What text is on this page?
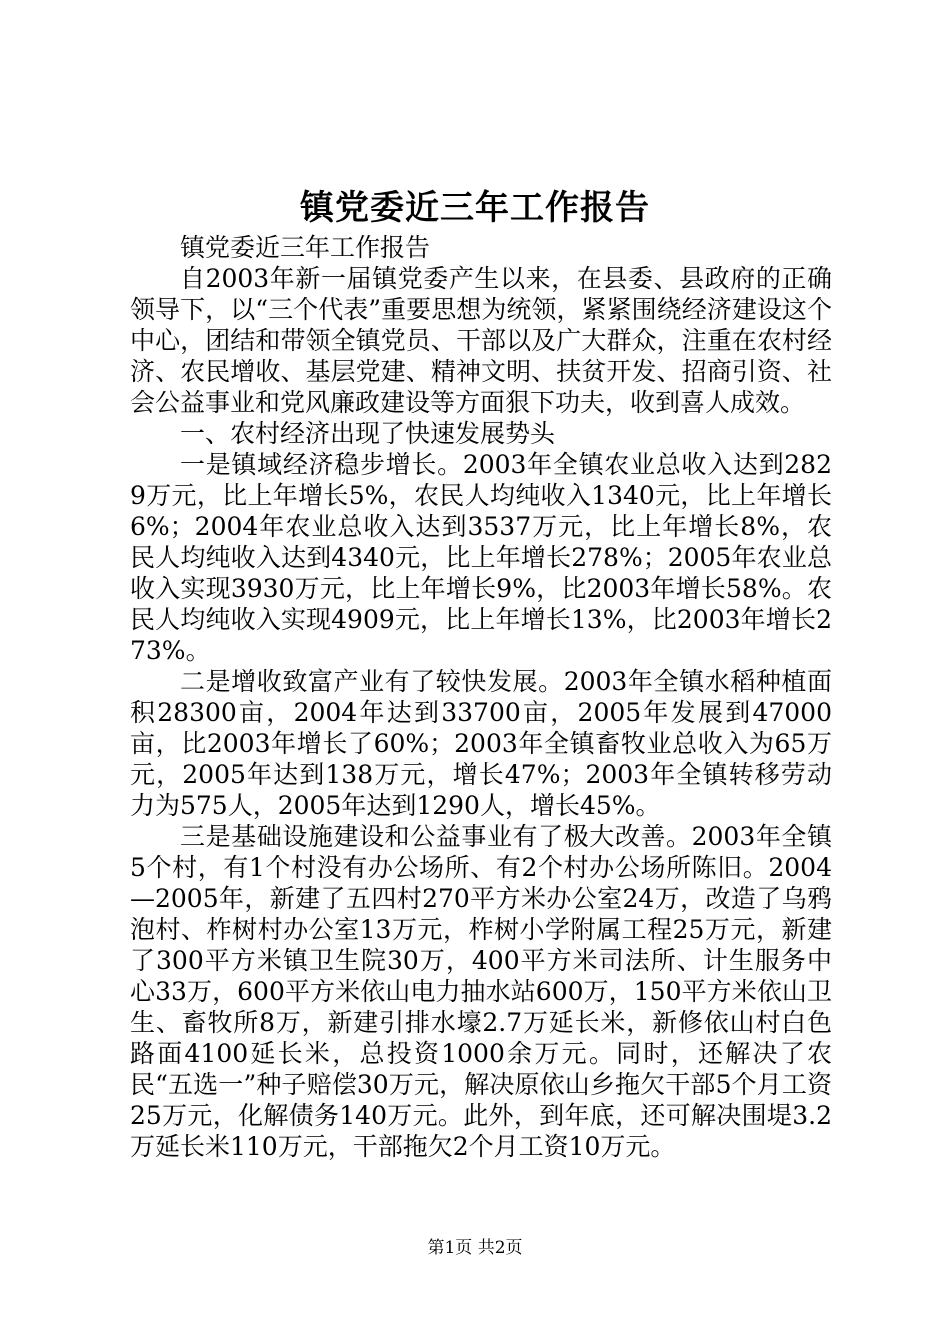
镇党委近三年工作报告

镇党委近三年工作报告

自2003年新一届镇党委产生以来，在县委、县政府的正确领导下，以“三个代表”重要思想为统领，紧紧围绕经济建设这个中心，团结和带领全镇党员、干部以及广大群众，注重在农村经济、农民增收、基层党建、精神文明、扶贫开发、招商引资、社会公益事业和党风廉政建设等方面狠下功夫，收到喜人成效。

一、农村经济出现了快速发展势头

一是镇域经济稳步增长。2003年全镇农业总收入达到2829万元，比上年增长5%，农民人均纯收入1340元，比上年增长6%；2004年农业总收入达到3537万元，比上年增长8%，农民人均纯收入达到4340元，比上年增长278%；2005年农业总收入实现3930万元，比上年增长9%，比2003年增长58%。农民人均纯收入实现4909元，比上年增长13%，比2003年增长273%。

二是增收致富产业有了较快发展。2003年全镇水稻种植面积28300亩，2004年达到33700亩，2005年发展到47000亩，比2003年增长了60%；2003年全镇畜牧业总收入为65万元，2005年达到138万元，增长47%；2003年全镇转移劳动力为575人，2005年达到1290人，增长45%。

三是基础设施建设和公益事业有了极大改善。2003年全镇5个村，有1个村没有办公场所、有2个村办公场所陈旧。2004—2005年，新建了五四村270平方米办公室24万，改造了乌鸦泡村、柞树村办公室13万元，柞树小学附属工程25万元，新建了300平方米镇卫生院30万，400平方米司法所、计生服务中心33万，600平方米依山电力抽水站600万，150平方米依山卫生、畜牧所8万，新建引排水壕2.7万延长米，新修依山村白色路面4100延长米，总投资1000余万元。同时，还解决了农民“五选一”种子赔偿30万元，解决原依山乡拖欠干部5个月工资25万元，化解债务140万元。此外，到年底，还可解决围堤3.2万延长米110万元，干部拖欠2个月工资10万元。

第1页 共2页
